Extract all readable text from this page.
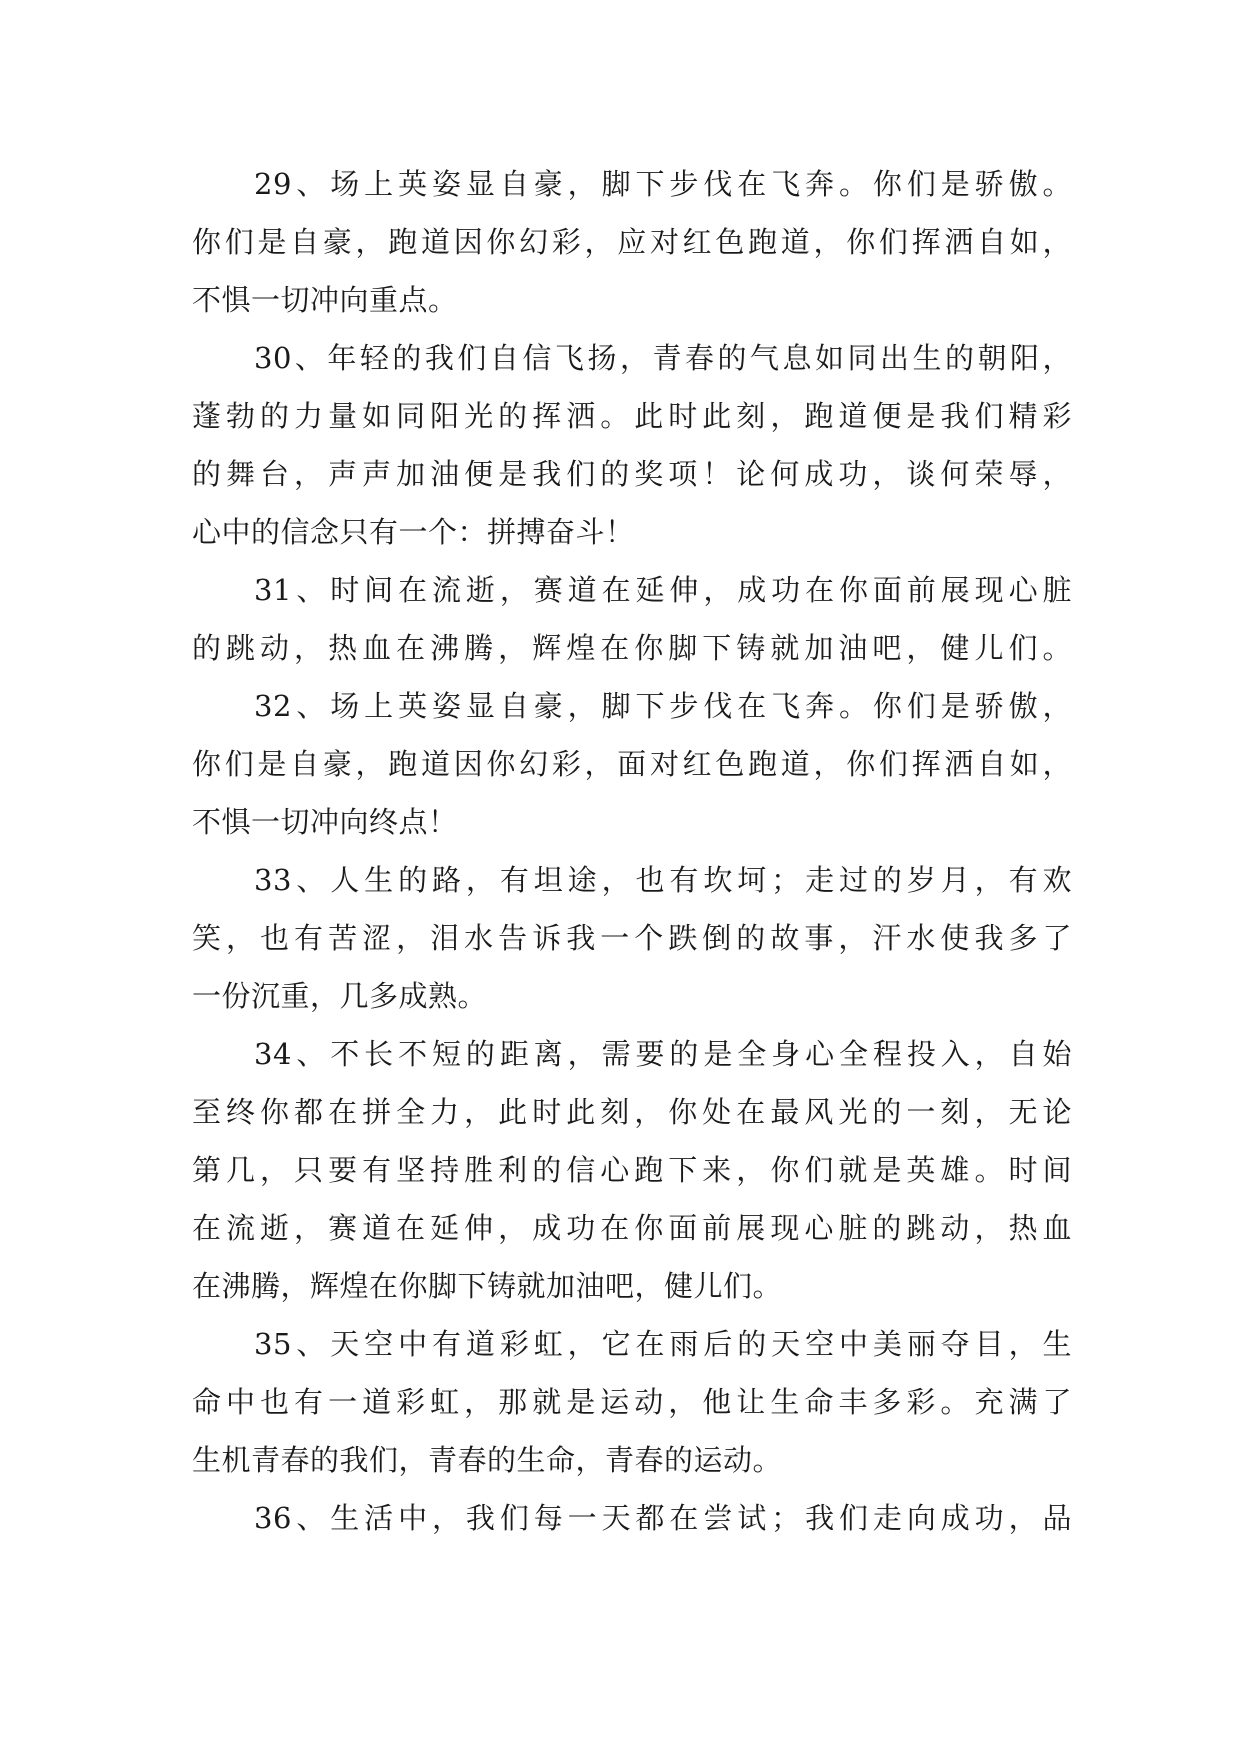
29、场上英姿显自豪，脚下步伐在飞奔。你们是骄傲。
你们是自豪，跑道因你幻彩，应对红色跑道，你们挥洒自如，
不惧一切冲向重点。
30、年轻的我们自信飞扬，青春的气息如同出生的朝阳，
蓬勃的力量如同阳光的挥洒。此时此刻，跑道便是我们精彩
的舞台，声声加油便是我们的奖项！论何成功，谈何荣辱，
心中的信念只有一个：拼搏奋斗！
31、时间在流逝，赛道在延伸，成功在你面前展现心脏
的跳动，热血在沸腾，辉煌在你脚下铸就加油吧，健儿们。
32、场上英姿显自豪，脚下步伐在飞奔。你们是骄傲，
你们是自豪，跑道因你幻彩，面对红色跑道，你们挥洒自如，
不惧一切冲向终点！
33、人生的路，有坦途，也有坎坷；走过的岁月，有欢
笑，也有苦涩，泪水告诉我一个跌倒的故事，汗水使我多了
一份沉重，几多成熟。
34、不长不短的距离，需要的是全身心全程投入，自始
至终你都在拼全力，此时此刻，你处在最风光的一刻，无论
第几，只要有坚持胜利的信心跑下来，你们就是英雄。时间
在流逝，赛道在延伸，成功在你面前展现心脏的跳动，热血
在沸腾，辉煌在你脚下铸就加油吧，健儿们。
35、天空中有道彩虹，它在雨后的天空中美丽夺目，生
命中也有一道彩虹，那就是运动，他让生命丰多彩。充满了
生机青春的我们，青春的生命，青春的运动。
36、生活中，我们每一天都在尝试；我们走向成功，品
